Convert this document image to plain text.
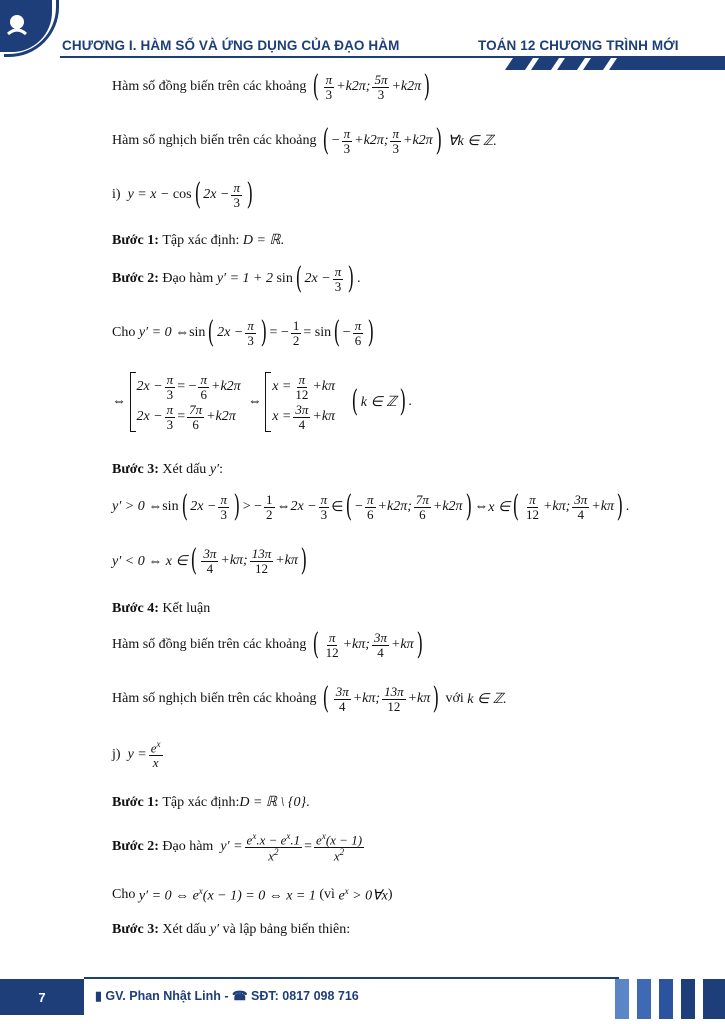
CHƯƠNG I. HÀM SỐ VÀ ỨNG DỤNG CỦA ĐẠO HÀM	TOÁN 12 CHƯƠNG TRÌNH MỚI
Hàm số đồng biến trên các khoảng
( $\frac{\pi}{3} +k2\pi$; $\frac{5\pi}{3} +k2\pi$ )
Hàm số nghịch biến trên các khoảng
( − $\frac{\pi}{3} +k2\pi$; $\frac{\pi}{3} +k2\pi$ )
∀k ∈ ℤ.
i)
y = x − cos ( $2x - \frac{\pi}{3}$ )
Bước 1:
Tập xác định:
D = ℝ .
Bước 2:
Đạo hàm
y′ = 1 + 2 sin ( $2x - \frac{\pi}{3}$ ) .
Cho
y′ = 0 ⇔ sin ( $2x - \frac{\pi}{3}$ ) = − $\frac{1}{2} = \sin$ ( − $\frac{\pi}{6}$ )
⇔

$2x - \frac{\pi}{3}$ = − $\frac{\pi}{6} +k2\pi$
$2x - \frac{\pi}{3} = \frac{7\pi}{6} +k2\pi$

⇔

$x = \frac{\pi}{12} +k\pi$
$x = \frac{3\pi}{4} +k\pi$
( k ∈ ℤ ) .
Bước 3:
Xét dấu
y′ :
y′ > 0 ⇔ sin ( $2x - \frac{\pi}{3}$ ) > − $\frac{1}{2}$ ⇔ $2x - \frac{\pi}{3}$ ∈ ( − $\frac{\pi}{6} +k2\pi$; $\frac{7\pi}{6} +k2\pi$ ) ⇔ x ∈ ( $\frac{\pi}{12} +k\pi$; $\frac{3\pi}{4} +k\pi$ ) .
y′ < 0 ⇔ x ∈ ( $\frac{3\pi}{4} +k\pi$; $\frac{13\pi}{12} +k\pi$ )
Bước 4:
Kết luận
Hàm số đồng biến trên các khoảng
( $\frac{\pi}{12} +k\pi$; $\frac{3\pi}{4} +k\pi$ )
Hàm số nghịch biến trên các khoảng
( $\frac{3\pi}{4} +k\pi$; $\frac{13\pi}{12} +k\pi$ )
với
k ∈ ℤ.
j)
$y = \frac{e^x}{x}$
Bước 1:
Tập xác định: D = ℝ \ {0} .
Bước 2:
Đạo hàm
$y' = \frac{e^x.x - e^x.1}{x^2} = \frac{e^x(x - 1)}{x^2}$
Cho
y′ = 0 ⇔ $e^x(x - 1) = 0$ ⇔ x = 1
(vì
$e^x$ > 0∀x )
Bước 3:
Xét dấu
y′
và lập bảng biến thiên:
7	▮ GV. Phan Nhật Linh - ☎ SĐT: 0817 098 716
